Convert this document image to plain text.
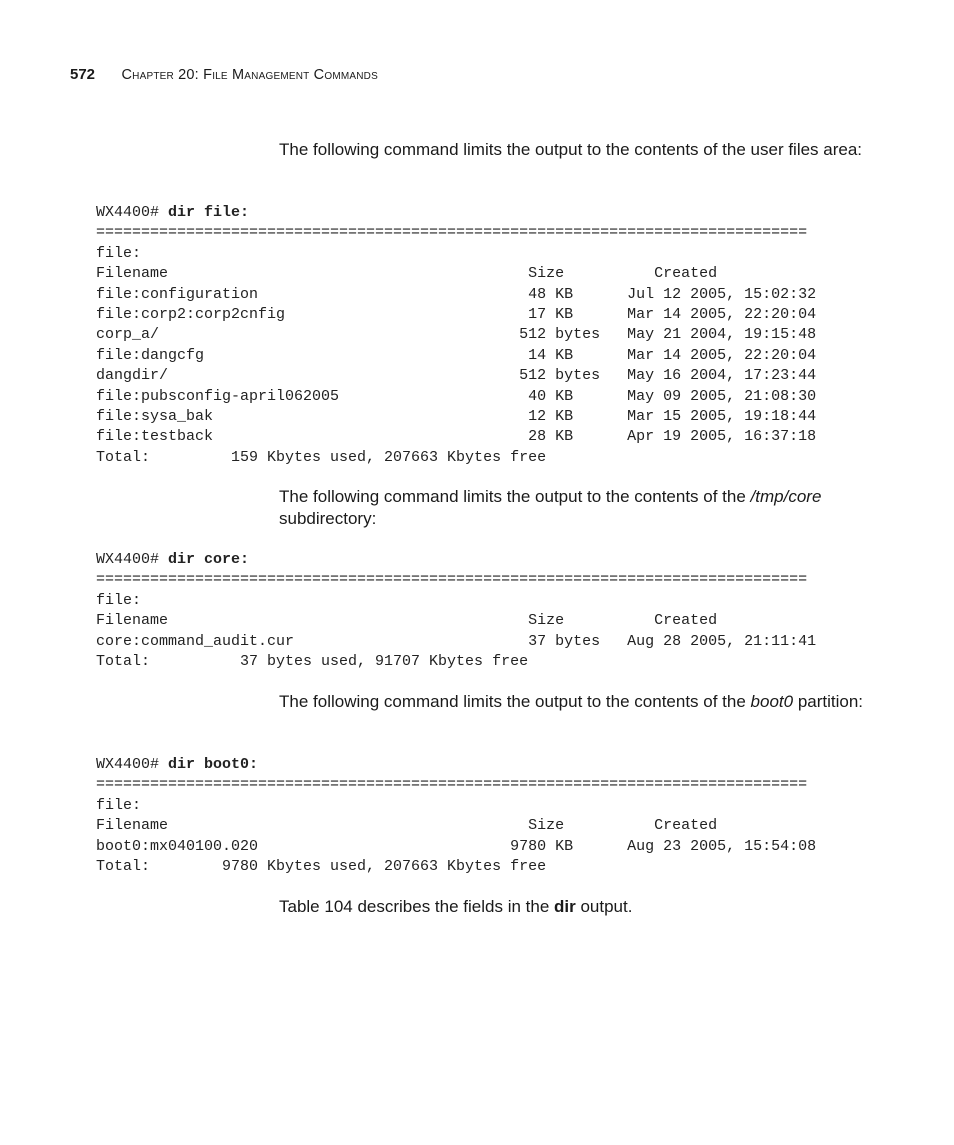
572 Chapter 20: File Management Commands

The following command limits the output to the contents of the user files area:

WX4400# dir file:
===============================================================================
file:
Filename                                        Size          Created
file:configuration                              48 KB      Jul 12 2005, 15:02:32
file:corp2:corp2cnfig                           17 KB      Mar 14 2005, 22:20:04
corp_a/                                        512 bytes   May 21 2004, 19:15:48
file:dangcfg                                    14 KB      Mar 14 2005, 22:20:04
dangdir/                                       512 bytes   May 16 2004, 17:23:44
file:pubsconfig-april062005                     40 KB      May 09 2005, 21:08:30
file:sysa_bak                                   12 KB      Mar 15 2005, 19:18:44
file:testback                                   28 KB      Apr 19 2005, 16:37:18
Total:         159 Kbytes used, 207663 Kbytes free

The following command limits the output to the contents of the /tmp/core subdirectory:

WX4400# dir core:
===============================================================================
file:
Filename                                        Size          Created
core:command_audit.cur                          37 bytes   Aug 28 2005, 21:11:41
Total:          37 bytes used, 91707 Kbytes free

The following command limits the output to the contents of the boot0 partition:

WX4400# dir boot0:
===============================================================================
file:
Filename                                        Size          Created
boot0:mx040100.020                            9780 KB      Aug 23 2005, 15:54:08
Total:        9780 Kbytes used, 207663 Kbytes free

Table 104 describes the fields in the dir output.
